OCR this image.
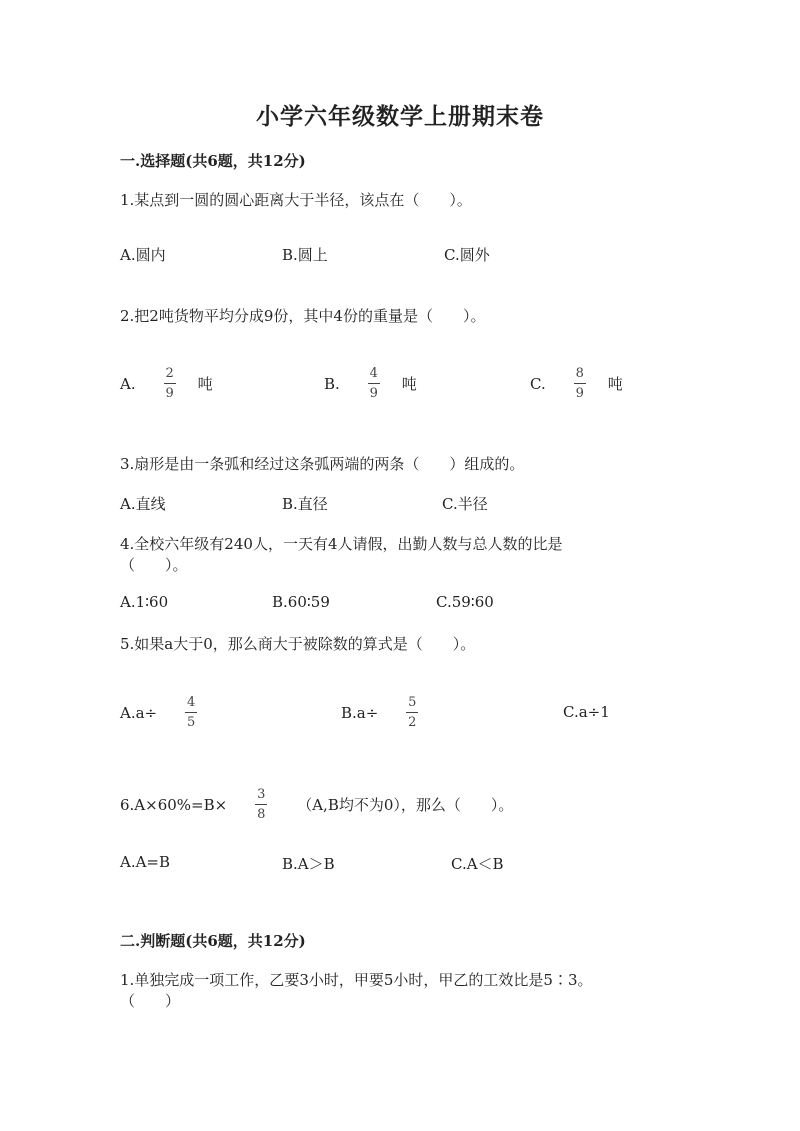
小学六年级数学上册期末卷
一.选择题(共6题，共12分)
1.某点到一圆的圆心距离大于半径，该点在（　　）。
A.圆内	B.圆上	C.圆外
2.把2吨货物平均分成9份，其中4份的重量是（　　）。
A. $\frac{2}{9}$ 吨	B. $\frac{4}{9}$ 吨	C. $\frac{8}{9}$ 吨
3.扇形是由一条弧和经过这条弧两端的两条（　　）组成的。
A.直线	B.直径	C.半径
4.全校六年级有240人，一天有4人请假，出勤人数与总人数的比是
（　　）。
A.1∶60	B.60∶59	C.59∶60
5.如果a大于0，那么商大于被除数的算式是（　　）。
$A.a\div \frac{4}{5}$	$B.a\div \frac{5}{2}$	C.a÷1
$6.A\times 60\%=B\times \frac{3}{8} (A,B$均不为0），那么（　　）。
A.A=B	B.A＞B	C.A＜B
二.判断题(共6题，共12分)
1.单独完成一项工作，乙要3小时，甲要5小时，甲乙的工效比是5∶3。
（　　）
